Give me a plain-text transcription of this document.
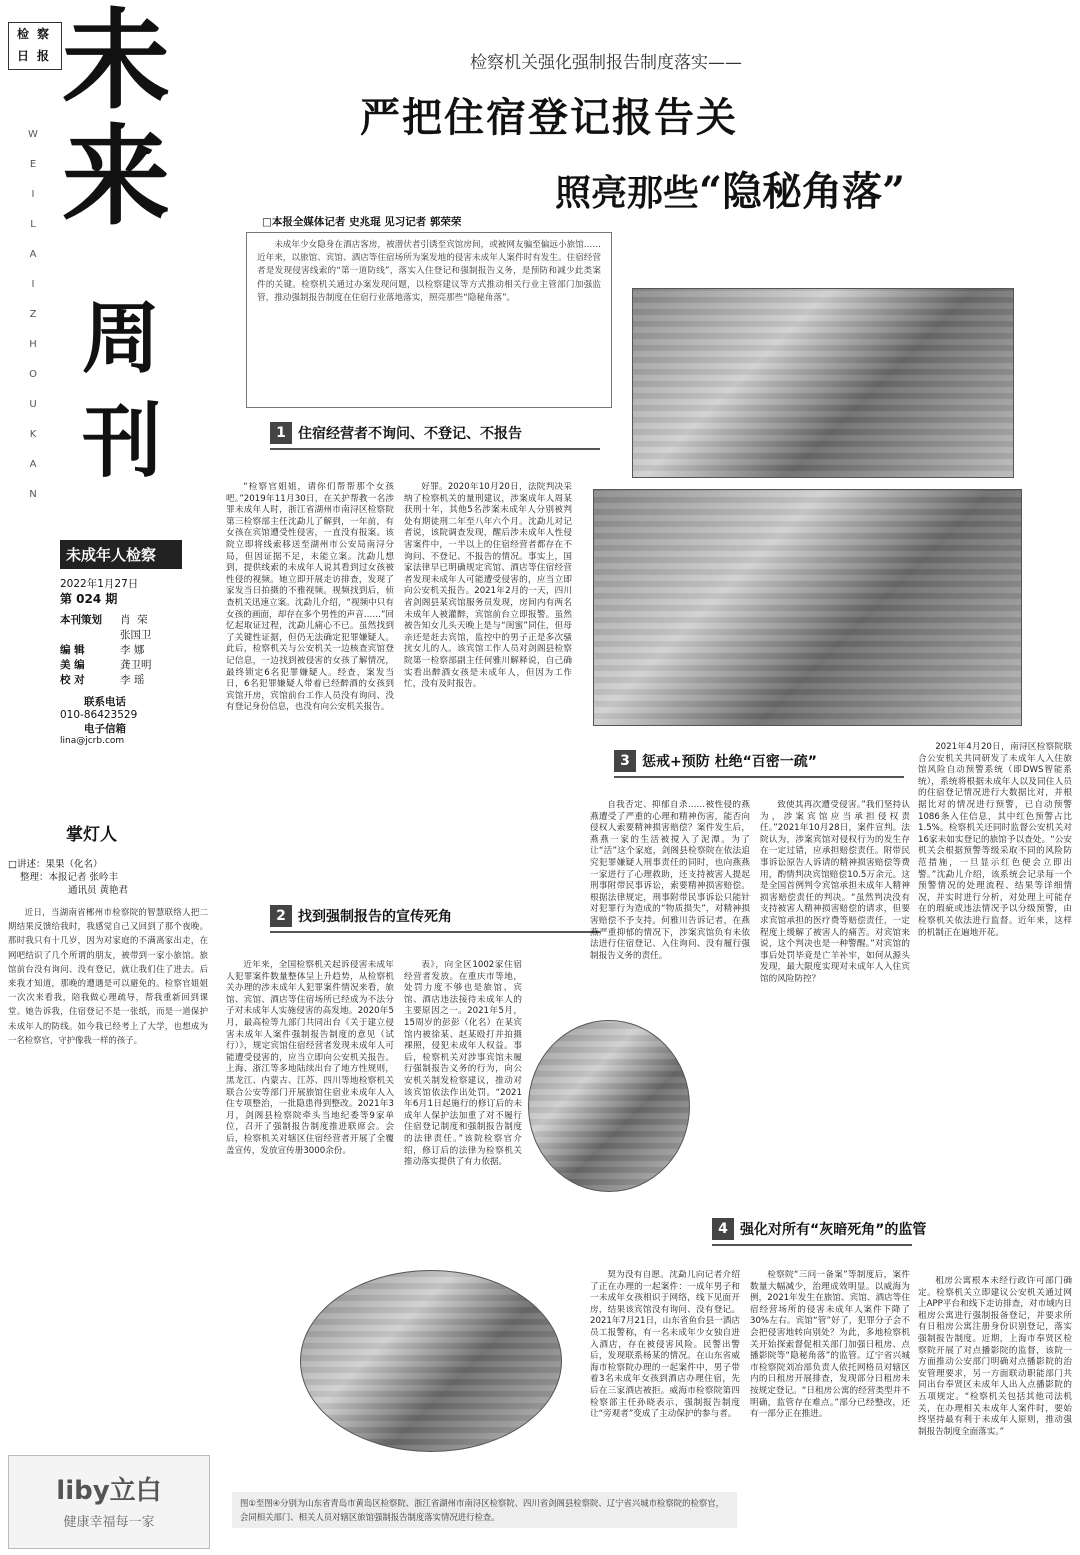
检察日报 未
来
周
刊
WEILAIZHOUKAN
未成年人检察
2022年1月27日
第 024 期
本刊策划	肖  荣
张国卫
编 辑	李 娜
美 编	龚卫明
校 对	李 瑶
联系电话
010-86423529
电子信箱
lina@jcrb.com
掌灯人
□讲述：果果（化名）
整理：本报记者 张吟丰
通讯员 黄艳君

近日，当湖南省郴州市检察院的智慧联络人把二期结果反馈给我时，我感觉自己又回到了那个夜晚。那时我只有十几岁，因为对家庭的不满离家出走，在网吧结识了几个所谓的朋友，被带到一家小旅馆。旅馆前台没有询问、没有登记，就让我们住了进去。后来我才知道，那晚的遭遇是可以避免的。检察官姐姐一次次来看我，陪我做心理疏导，帮我重新回到课堂。她告诉我，住宿登记不是一张纸，而是一道保护未成年人的防线。如今我已经考上了大学，也想成为一名检察官，守护像我一样的孩子。

liby立白
健康幸福每一家
检察机关强化强制报告制度落实——
严把住宿登记报告关
照亮那些“隐秘角落”
□本报全媒体记者 史兆琨 见习记者 郭荣荣

未成年少女隐身在酒店客房，被潜伏者引诱至宾馆房间，或被网友骗至偏远小旅馆……近年来，以旅馆、宾馆、酒店等住宿场所为案发地的侵害未成年人案件时有发生。住宿经营者是发现侵害线索的“第一道防线”，落实入住登记和强制报告义务，是预防和减少此类案件的关键。检察机关通过办案发现问题，以检察建议等方式推动相关行业主管部门加强监管，推动强制报告制度在住宿行业落地落实，照亮那些“隐秘角落”。

1 住宿经营者不询问、不登记、不报告

“检察官姐姐，请你们帮帮那个女孩吧。”2019年11月30日，在关护帮教一名涉罪未成年人时，浙江省湖州市南浔区检察院第三检察部主任沈勐儿了解到，一年前，有女孩在宾馆遭受性侵害，一直没有报案。该院立即将线索移送至湖州市公安局南浔分局，但因证据不足，未能立案。沈勐儿想到，提供线索的未成年人说其看到过女孩被性侵的视频。她立即开展走访排查，发现了家发当日拍摄的不雅视频。视频找到后，侦查机关迅速立案。沈勐儿介绍，“视频中只有女孩的画面，却存在多个男性的声音……”回忆起取证过程，沈勐儿痛心不已。虽然找到了关键性证据，但仍无法确定犯罪嫌疑人。此后，检察机关与公安机关一边核查宾馆登记信息，一边找到被侵害的女孩了解情况，最终锁定6名犯罪嫌疑人。经查，案发当日，6名犯罪嫌疑人带着已经醉酒的女孩到宾馆开房，宾馆前台工作人员没有询问、没有登记身份信息，也没有向公安机关报告。

好罪。2020年10月20日，法院判决采纳了检察机关的量刑建议，涉案成年人周某获刑十年，其他5名涉案未成年人分别被判处有期徒刑二年至八年六个月。沈勐儿对记者说，该院调查发现，醒后涉未成年人性侵害案件中，一半以上的住宿经营者都存在不询问、不登记、不报告的情况。事实上，国家法律早已明确规定宾馆、酒店等住宿经营者发现未成年人可能遭受侵害的，应当立即向公安机关报告。2021年2月的一天，四川省剑阁县某宾馆服务员发现，房间内有两名未成年人被灌醉，宾馆前台立即报警。虽然被告知女儿头天晚上是与“闺蜜”同住，但母亲还是赶去宾馆，监控中的男子正是多次骚扰女儿的人。该宾馆工作人员对剑阁县检察院第一检察部副主任何雅川解释说，自己确实看出醉酒女孩是未成年人，但因为工作忙，没有及时报告。

2 找到强制报告的宣传死角

近年来，全国检察机关起诉侵害未成年人犯罪案件数量整体呈上升趋势，从检察机关办理的涉未成年人犯罪案件情况来看，旅馆、宾馆、酒店等住宿场所已经成为不法分子对未成年人实施侵害的高发地。2020年5月，最高检等九部门共同出台《关于建立侵害未成年人案件强制报告制度的意见（试行）》，规定宾馆住宿经营者发现未成年人可能遭受侵害的，应当立即向公安机关报告。上海、浙江等多地陆续出台了地方性规则，黑龙江、内蒙古、江苏、四川等地检察机关联合公安等部门开展旅馆住宿业未成年人入住专项整治，一批隐患得到整改。2021年3月，剑阁县检察院牵头当地纪委等9家单位，召开了强制报告制度推进联席会。会后，检察机关对辖区住宿经营者开展了全覆盖宣传，发放宣传册3000余份。

表》，向全区1002家住宿经营者发放。在重庆市等地，处罚力度不够也是旅馆、宾馆、酒店违法接待未成年人的主要原因之一。2021年5月，15周岁的彭彭（化名）在某宾馆内被徐某、赵某殴打并拍摄裸照，侵犯未成年人权益。事后，检察机关对涉事宾馆未履行强制报告义务的行为，向公安机关制发检察建议，推动对该宾馆依法作出处罚。“2021年6月1日起施行的修订后的未成年人保护法加重了对不履行住宿登记制度和强制报告制度的法律责任。”该院检察官介绍，修订后的法律为检察机关推动落实提供了有力依据。

3 惩戒+预防 杜绝“百密一疏”

自我否定、抑郁自杀……被性侵的燕燕遭受了严重的心理和精神伤害，能否向侵权人索要精神损害赔偿？案件发生后，燕燕一家的生活被搅入了泥潭。为了让“活”这个家庭，剑阁县检察院在依法追究犯罪嫌疑人刑事责任的同时，也向燕燕一家进行了心理救助，还支持被害人提起刑事附带民事诉讼，索要精神损害赔偿。根据法律规定，刑事附带民事诉讼只能针对犯罪行为造成的“物质损失”，对精神损害赔偿不予支持。何雅川告诉记者，在燕燕严重抑郁的情况下，涉案宾馆负有未依法进行住宿登记、入住询问、没有履行强制报告义务的责任。

致使其再次遭受侵害。”我们坚持认为，涉案宾馆应当承担侵权责任。”2021年10月28日，案件宣判。法院认为，涉案宾馆对侵权行为的发生存在一定过错，应承担赔偿责任。附带民事诉讼原告人诉请的精神损害赔偿等费用，酌情判决宾馆赔偿10.5万余元。这是全国首例判令宾馆承担未成年人精神损害赔偿责任的判决。“虽然判决没有支持被害人精神损害赔偿的请求，但要求宾馆承担的医疗费等赔偿责任，一定程度上缓解了被害人的痛苦。对宾馆来说，这个判决也是一种警醒。”对宾馆的事后处罚毕竟是亡羊补牢，如何从源头发现，最大限度实现对未成年人入住宾馆的风险防控？

2021年4月20日，南浔区检察院联合公安机关共同研发了未成年人入住旅馆风险自动预警系统（即DWS智能系统），系统将根据未成年人以及同住人员的住宿登记情况进行大数据比对，并根据比对的情况进行预警，已自动预警1086条入住信息，其中红色预警占比1.5%。检察机关还同时监督公安机关对16家未如实登记的旅馆予以查处。“公安机关会根据预警等级采取不同的风险防范措施，一旦显示红色便会立即出警。”沈勐儿介绍，该系统会记录每一个预警情况的处理流程、结果等详细情况，并实时进行分析，对处理上可能存在的瑕疵或违法情况予以分级预警，由检察机关依法进行监督。近年来，这样的机制正在遍地开花。

4 强化对所有“灰暗死角”的监管

契为没有自愿。沈勐儿向记者介绍了正在办理的一起案件：一成年男子和一未成年女孩相识于网络，线下见面开房，结果该宾馆没有询问、没有登记。2021年7月21日，山东省鱼台县一酒店员工报警称，有一名未成年少女独自进入酒店，存在被侵害风险。民警出警后，发现联系杨某的情况。在山东省威海市检察院办理的一起案件中，男子带着3名未成年女孩到酒店办理住宿，先后在三家酒店被拒。威海市检察院第四检察部主任孙晓表示，强制报告制度让“旁观者”变成了主动保护的参与者。

检察院“三问一备案”等制度后，案件数量大幅减少，治理成效明显。以威海为例，2021年发生在旅馆、宾馆、酒店等住宿经营场所的侵害未成年人案件下降了30%左右。宾馆“管”好了，犯罪分子会不会把侵害地转向别处？为此，多地检察机关开始探索督促相关部门加强日租房、点播影院等“隐秘角落”的监管。辽宁省兴城市检察院刘冶部负责人依托网格员对辖区内的日租房开展排查，发现部分日租房未按规定登记。“日租房公寓的经营类型并不明确，监管存在难点。”部分已经整改，还有一部分正在推进。

租房公寓根本未经行政许可部门确定。检察机关立即建议公安机关通过网上APP平台和线下走访排查，对市域内日租房公寓进行强制报备登记，并要求所有日租房公寓注册身份识别登记，落实强制报告制度。近期，上海市奉贤区检察院开展了对点播影院的监督，该院一方面推动公安部门明确对点播影院的治安管理要求，另一方面联动职能部门共同出台奉贤区未成年人出入点播影院的五项规定。“检察机关包括其他司法机关，在办理相关未成年人案件时，要始终坚持最有利于未成年人原则，推动强制报告制度全面落实。”

图①至图④分别为山东省青岛市黄岛区检察院、浙江省湖州市南浔区检察院、四川省剑阁县检察院、辽宁省兴城市检察院的检察官，会同相关部门、相关人员对辖区旅馆强制报告制度落实情况进行检查。
